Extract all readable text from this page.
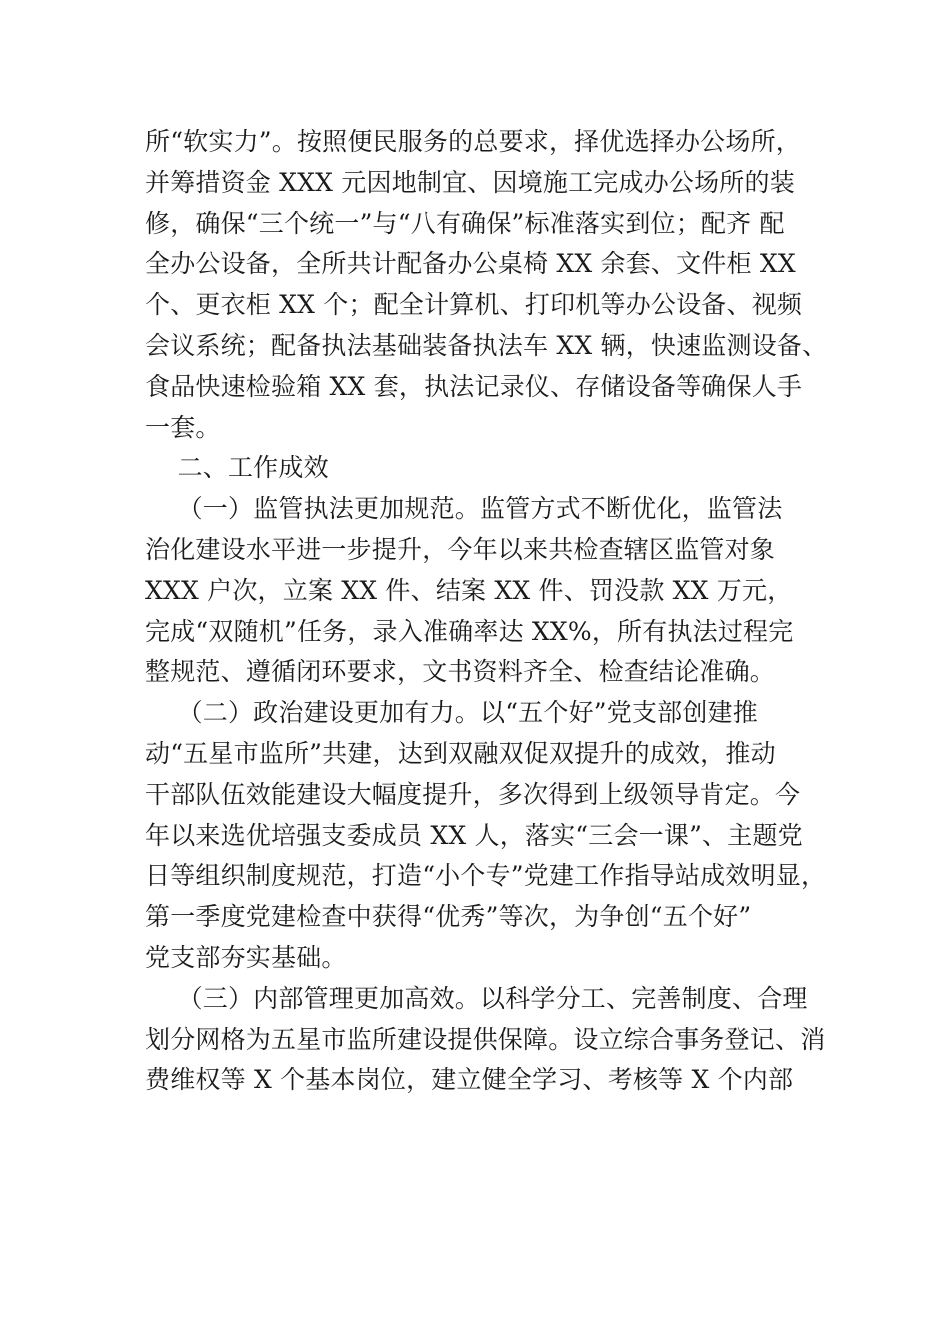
所“软实力”。按照便民服务的总要求，择优选择办公场所，
并筹措资金 XXX 元因地制宜、因境施工完成办公场所的装
修，确保“三个统一”与“八有确保”标准落实到位；配齐 配
全办公设备，全所共计配备办公桌椅 XX 余套、文件柜 XX
个、更衣柜 XX 个；配全计算机、打印机等办公设备、视频
会议系统；配备执法基础装备执法车 XX 辆，快速监测设备、
食品快速检验箱 XX 套，执法记录仪、存储设备等确保人手
一套。
二、工作成效
（一）监管执法更加规范。监管方式不断优化，监管法
治化建设水平进一步提升，今年以来共检查辖区监管对象
XXX 户次，立案 XX 件、结案 XX 件、罚没款 XX 万元，
完成“双随机”任务，录入准确率达 XX%，所有执法过程完
整规范、遵循闭环要求，文书资料齐全、检查结论准确。
（二）政治建设更加有力。以“五个好”党支部创建推
动“五星市监所”共建，达到双融双促双提升的成效，推动
干部队伍效能建设大幅度提升，多次得到上级领导肯定。今
年以来选优培强支委成员 XX 人，落实“三会一课”、主题党
日等组织制度规范，打造“小个专”党建工作指导站成效明显，
第一季度党建检查中获得“优秀”等次，为争创“五个好”
党支部夯实基础。
（三）内部管理更加高效。以科学分工、完善制度、合理
划分网格为五星市监所建设提供保障。设立综合事务登记、消
费维权等 X 个基本岗位，建立健全学习、考核等 X 个内部
